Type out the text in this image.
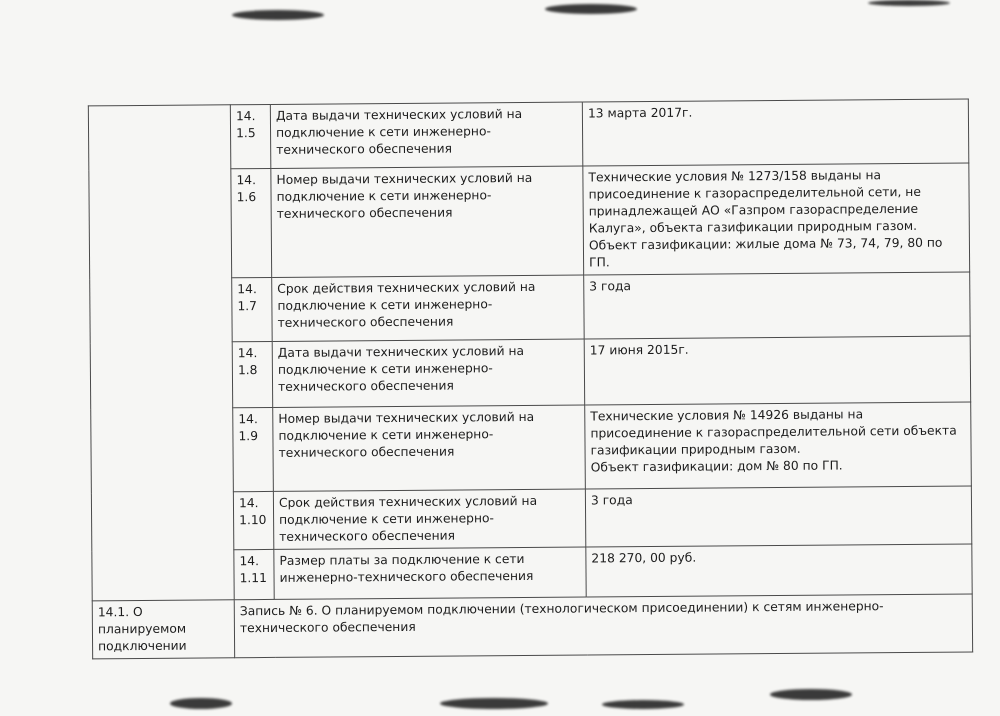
	14.1.5	Дата выдачи технических условий на подключение к сети инженерно-технического обеспечения	13 марта 2017г.
	14.1.6	Номер выдачи технических условий на подключение к сети инженерно-технического обеспечения	Технические условия № 1273/158 выданы на присоединение к газораспределительной сети, не принадлежащей АО «Газпром газораспределение Калуга», объекта газификации природным газом.
Объект газификации: жилые дома № 73, 74, 79, 80 по ГП.

	14.1.7	Срок действия технических условий на подключение к сети инженерно-технического обеспечения	3 года
	14.1.8	Дата выдачи технических условий на подключение к сети инженерно-технического обеспечения	17 июня 2015г.
	14.1.9	Номер выдачи технических условий на подключение к сети инженерно-технического обеспечения	Технические условия № 14926 выданы на присоединение к газораспределительной сети объекта газификации природным газом.
Объект газификации: дом № 80 по ГП.

	14.1.10	Срок действия технических условий на подключение к сети инженерно-технического обеспечения	3 года
	14.1.11	Размер платы за подключение к сети инженерно-технического обеспечения	218 270, 00 руб.
14.1. О планируемом подключении	Запись № 6. О планируемом подключении (технологическом присоединении) к сетям инженерно-технического обеспечения		
